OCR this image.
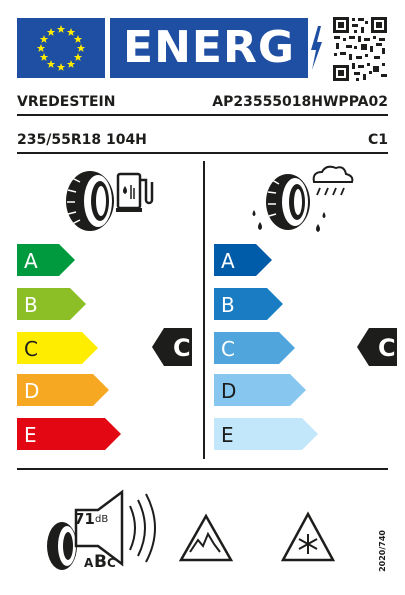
ENERG
VREDESTEIN	AP23555018HWPPA02
235/55R18 104H	C1
A
B
C
D
E
A
B
C
D
E
C	C
71 dB
A B C	2020/740
